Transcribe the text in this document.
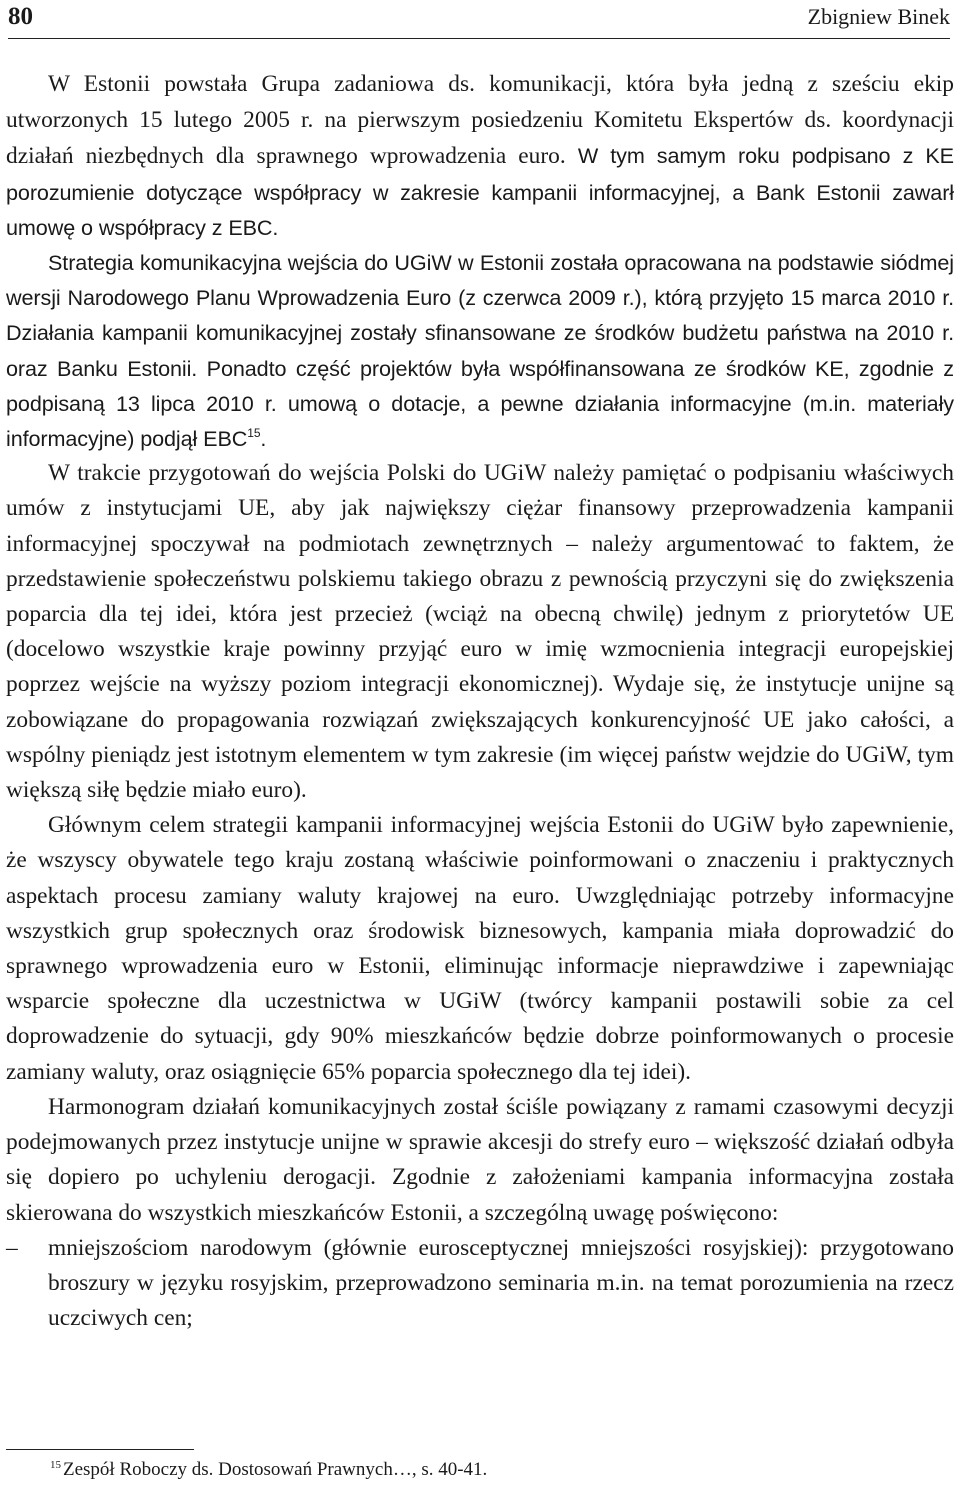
80	Zbigniew Binek

W Estonii powstała Grupa zadaniowa ds. komunikacji, która była jedną z sześciu ekip utworzonych 15 lutego 2005 r. na pierwszym posiedzeniu Komitetu Ekspertów ds. koordynacji działań niezbędnych dla sprawnego wprowadzenia euro. W tym samym roku podpisano z KE porozumienie dotyczące współpracy w zakresie kampanii informacyjnej, a Bank Estonii zawarł umowę o współpracy z EBC.

Strategia komunikacyjna wejścia do UGiW w Estonii została opracowana na podstawie siódmej wersji Narodowego Planu Wprowadzenia Euro (z czerwca 2009 r.), którą przyjęto 15 marca 2010 r. Działania kampanii komunikacyjnej zostały sfinansowane ze środków budżetu państwa na 2010 r. oraz Banku Estonii. Ponadto część projektów była współfinansowana ze środków KE, zgodnie z podpisaną 13 lipca 2010 r. umową o dotacje, a pewne działania informacyjne (m.in. materiały informacyjne) podjął EBC$^{15}$.

W trakcie przygotowań do wejścia Polski do UGiW należy pamiętać o podpisaniu właściwych umów z instytucjami UE, aby jak największy ciężar finansowy przeprowadzenia kampanii informacyjnej spoczywał na podmiotach zewnętrznych – należy argumentować to faktem, że przedstawienie społeczeństwu polskiemu takiego obrazu z pewnością przyczyni się do zwiększenia poparcia dla tej idei, która jest przecież (wciąż na obecną chwilę) jednym z priorytetów UE (docelowo wszystkie kraje powinny przyjąć euro w imię wzmocnienia integracji europejskiej poprzez wejście na wyższy poziom integracji ekonomicznej). Wydaje się, że instytucje unijne są zobowiązane do propagowania rozwiązań zwiększających konkurencyjność UE jako całości, a wspólny pieniądz jest istotnym elementem w tym zakresie (im więcej państw wejdzie do UGiW, tym większą siłę będzie miało euro).

Głównym celem strategii kampanii informacyjnej wejścia Estonii do UGiW było zapewnienie, że wszyscy obywatele tego kraju zostaną właściwie poinformowani o znaczeniu i praktycznych aspektach procesu zamiany waluty krajowej na euro. Uwzględniając potrzeby informacyjne wszystkich grup społecznych oraz środowisk biznesowych, kampania miała doprowadzić do sprawnego wprowadzenia euro w Estonii, eliminując informacje nieprawdziwe i zapewniając wsparcie społeczne dla uczestnictwa w UGiW (twórcy kampanii postawili sobie za cel doprowadzenie do sytuacji, gdy 90% mieszkańców będzie dobrze poinformowanych o procesie zamiany waluty, oraz osiągnięcie 65% poparcia społecznego dla tej idei).

Harmonogram działań komunikacyjnych został ściśle powiązany z ramami czasowymi decyzji podejmowanych przez instytucje unijne w sprawie akcesji do strefy euro – większość działań odbyła się dopiero po uchyleniu derogacji. Zgodnie z założeniami kampania informacyjna została skierowana do wszystkich mieszkańców Estonii, a szczególną uwagę poświęcono:

– mniejszościom narodowym (głównie eurosceptycznej mniejszości rosyjskiej): przygotowano broszury w języku rosyjskim, przeprowadzono seminaria m.in. na temat porozumienia na rzecz uczciwych cen;

$^{15}$ Zespół Roboczy ds. Dostosowań Prawnych…, s. 40-41.
